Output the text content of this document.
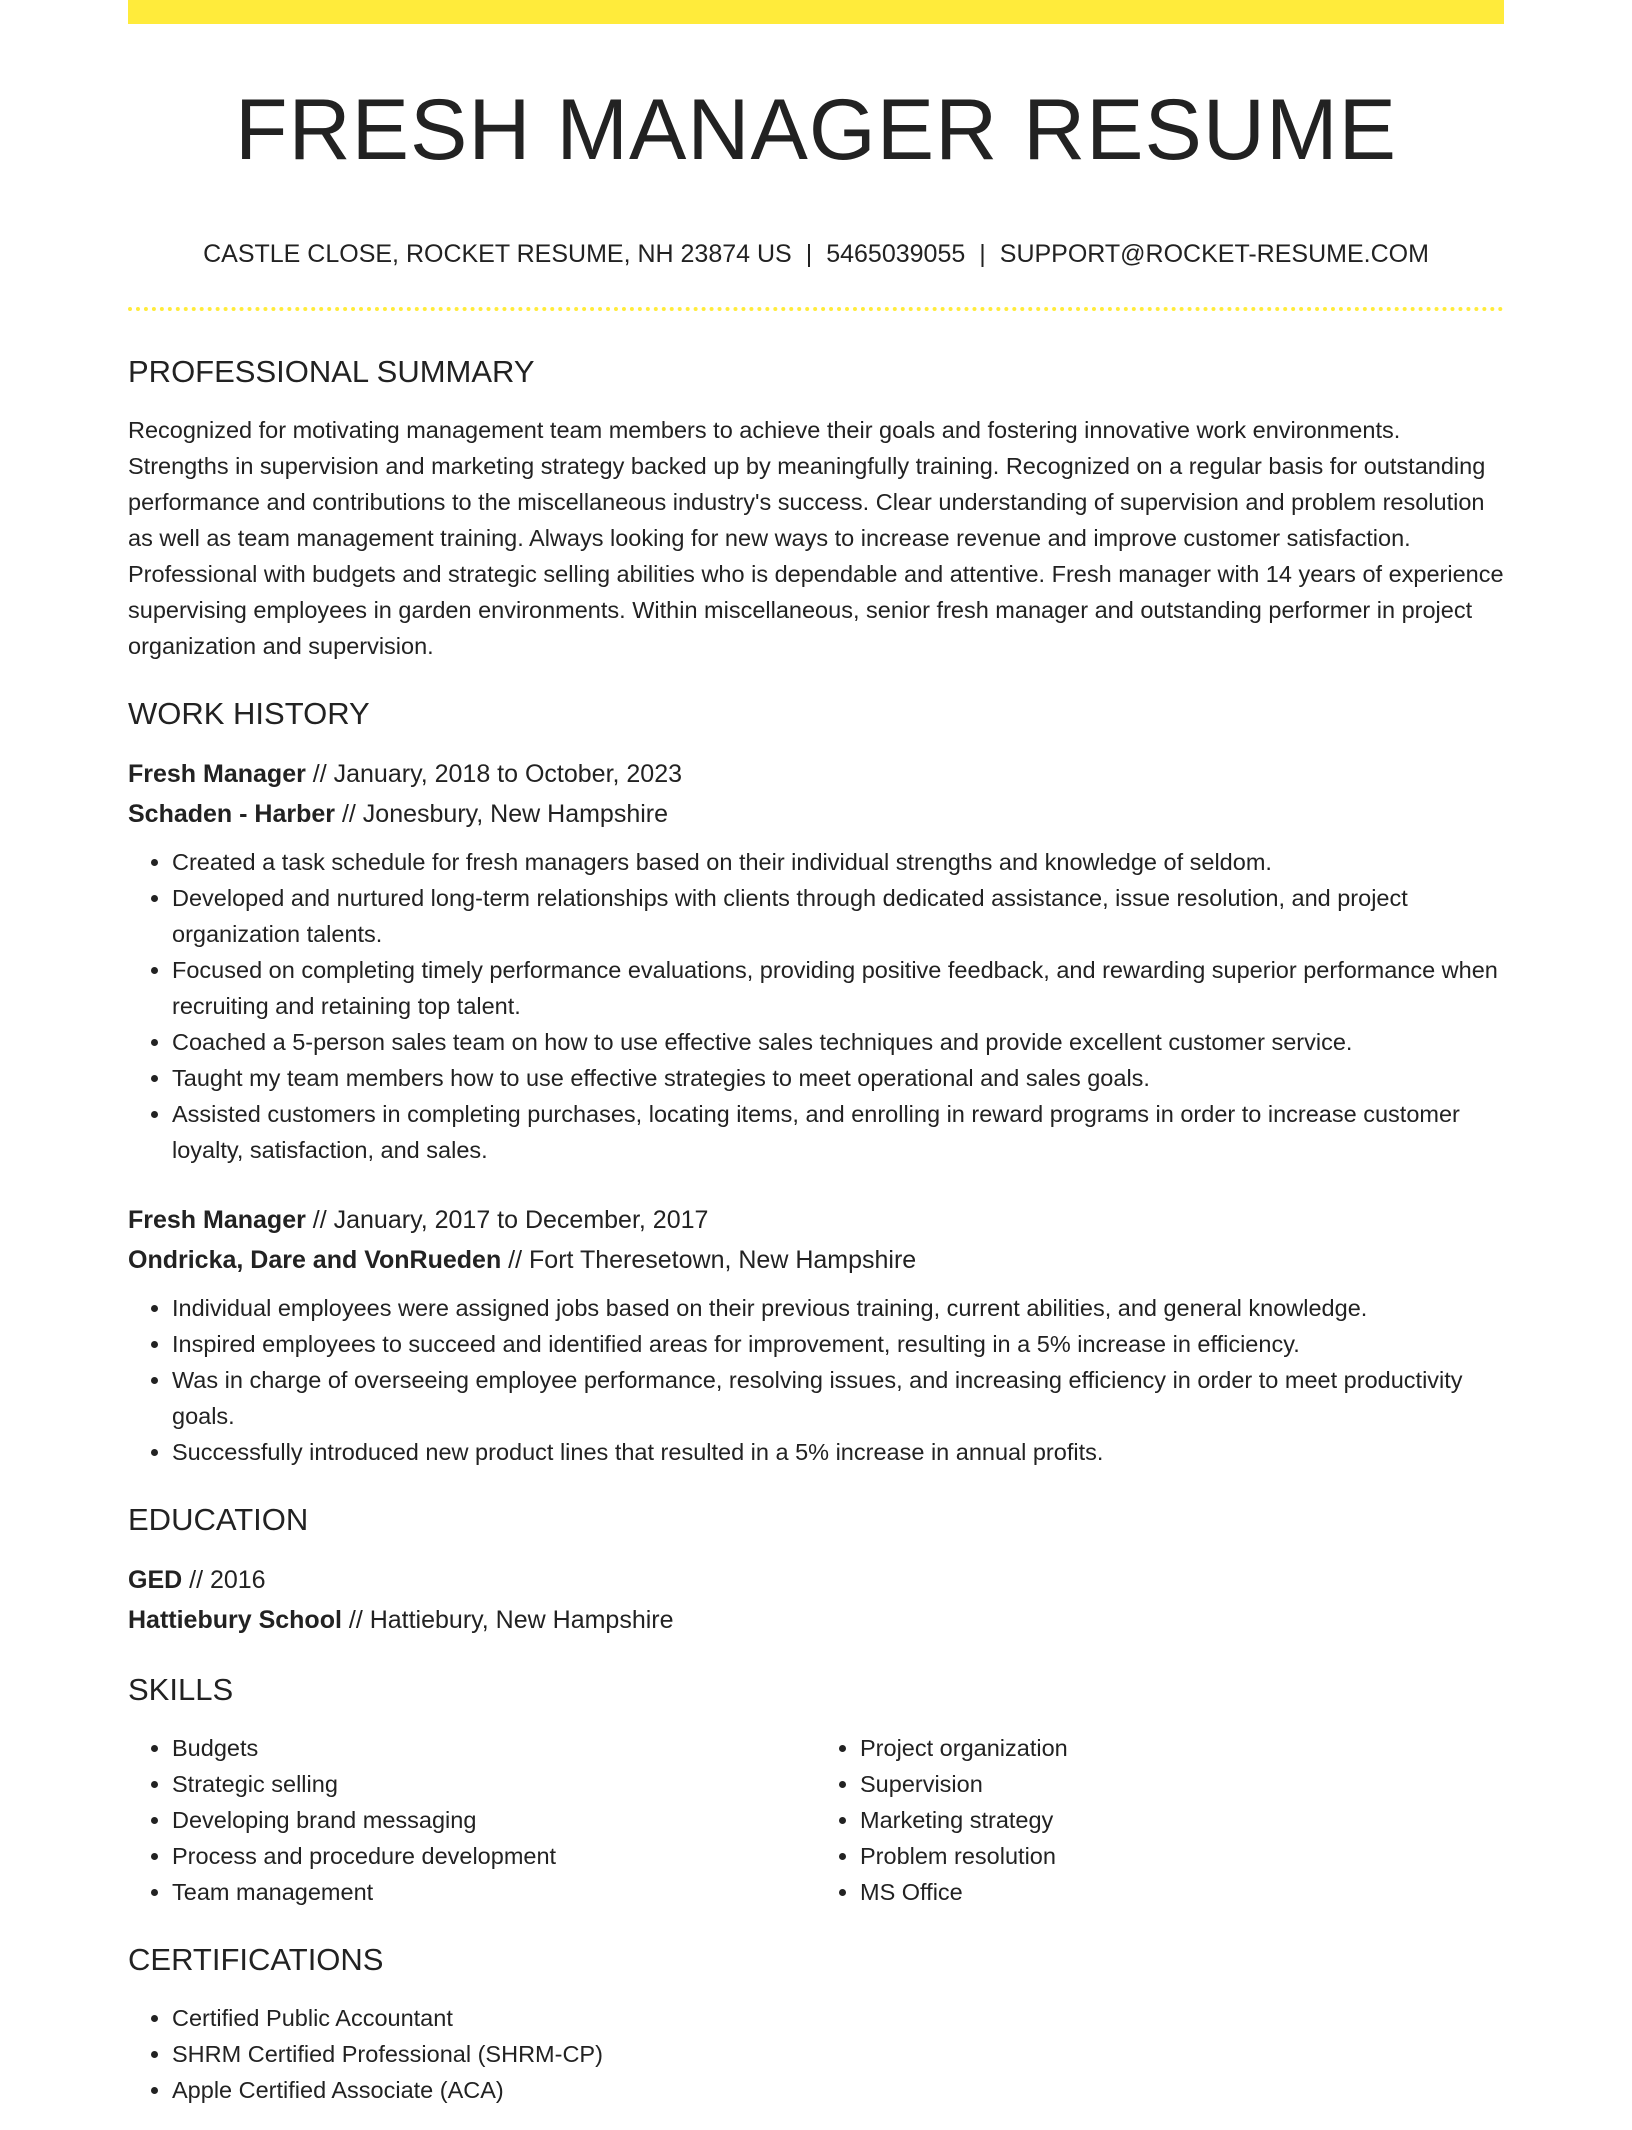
FRESH MANAGER RESUME
CASTLE CLOSE, ROCKET RESUME, NH 23874 US | 5465039055 | SUPPORT@ROCKET-RESUME.COM
PROFESSIONAL SUMMARY

Recognized for motivating management team members to achieve their goals and fostering innovative work environments. Strengths in supervision and marketing strategy backed up by meaningfully training. Recognized on a regular basis for outstanding performance and contributions to the miscellaneous industry's success. Clear understanding of supervision and problem resolution as well as team management training. Always looking for new ways to increase revenue and improve customer satisfaction. Professional with budgets and strategic selling abilities who is dependable and attentive. Fresh manager with 14 years of experience supervising employees in garden environments. Within miscellaneous, senior fresh manager and outstanding performer in project organization and supervision.

WORK HISTORY

Fresh Manager // January, 2018 to October, 2023

Schaden - Harber // Jonesbury, New Hampshire

• Created a task schedule for fresh managers based on their individual strengths and knowledge of seldom.
• Developed and nurtured long-term relationships with clients through dedicated assistance, issue resolution, and project organization talents.
• Focused on completing timely performance evaluations, providing positive feedback, and rewarding superior performance when recruiting and retaining top talent.
• Coached a 5-person sales team on how to use effective sales techniques and provide excellent customer service.
• Taught my team members how to use effective strategies to meet operational and sales goals.
• Assisted customers in completing purchases, locating items, and enrolling in reward programs in order to increase customer loyalty, satisfaction, and sales.

Fresh Manager // January, 2017 to December, 2017

Ondricka, Dare and VonRueden // Fort Theresetown, New Hampshire

• Individual employees were assigned jobs based on their previous training, current abilities, and general knowledge.
• Inspired employees to succeed and identified areas for improvement, resulting in a 5% increase in efficiency.
• Was in charge of overseeing employee performance, resolving issues, and increasing efficiency in order to meet productivity goals.
• Successfully introduced new product lines that resulted in a 5% increase in annual profits.
EDUCATION

GED // 2016

Hattiebury School // Hattiebury, New Hampshire

SKILLS
• Budgets
• Strategic selling
• Developing brand messaging
• Process and procedure development
• Team management
• Project organization
• Supervision
• Marketing strategy
• Problem resolution
• MS Office
CERTIFICATIONS
• Certified Public Accountant
• SHRM Certified Professional (SHRM-CP)
• Apple Certified Associate (ACA)
